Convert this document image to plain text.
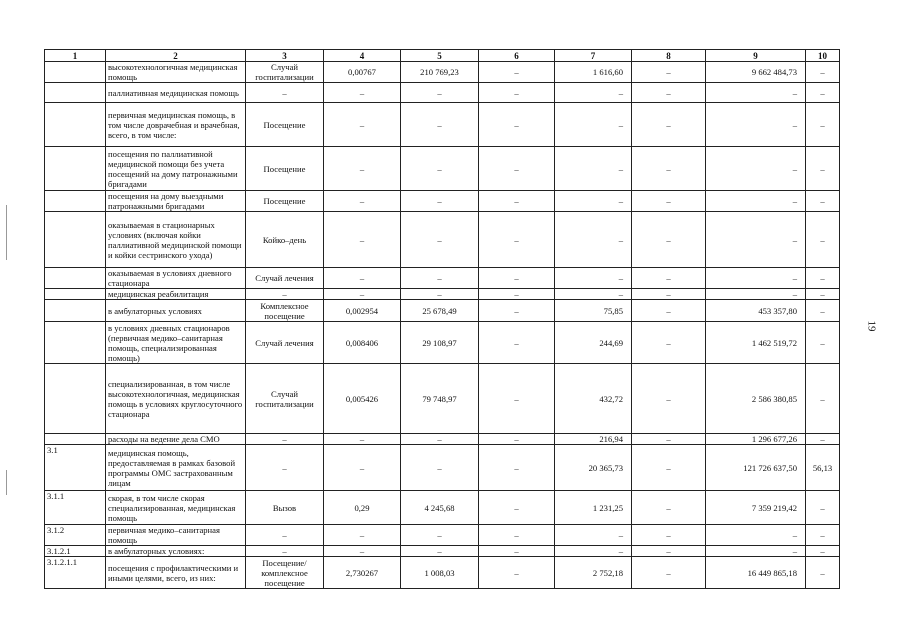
1	2	3	4	5	6	7	8	9	10
	высокотехнологичная медицинская помощь	Случай госпитализации	0,00767	210 769,23	–	1 616,60	–	9 662 484,73	–
	паллиативная медицинская помощь	–	–	–	–	–	–	–	–
	первичная медицинская помощь, в том числе доврачебная и врачебная, всего, в том числе:	Посещение	–	–	–	–	–	–	–
	посещения по паллиативной медицинской помощи без учета посещений на дому патронажными бригадами	Посещение	–	–	–	–	–	–	–
	посещения на дому выездными патронажными бригадами	Посещение	–	–	–	–	–	–	–
	оказываемая в стационарных условиях (включая койки паллиативной медицинской помощи и койки сестринского ухода)	Койко–день	–	–	–	–	–	–	–
	оказываемая в условиях дневного стационара	Случай лечения	–	–	–	–	–	–	–
	медицинская реабилитация	–	–	–	–	–	–	–	–
	в амбулаторных условиях	Комплексное посещение	0,002954	25 678,49	–	75,85	–	453 357,80	–
	в условиях дневных стационаров (первичная медико–санитарная помощь, специализированная помощь)	Случай лечения	0,008406	29 108,97	–	244,69	–	1 462 519,72	–
	специализированная, в том числе высокотехнологичная, медицинская помощь в условиях круглосуточного стационара	Случай госпитализации	0,005426	79 748,97	–	432,72	–	2 586 380,85	–
	расходы на ведение дела СМО	–	–	–	–	216,94	–	1 296 677,26	–
3.1	медицинская помощь, предоставляемая в рамках базовой программы ОМС застрахованным лицам	–	–	–	–	20 365,73	–	121 726 637,50	56,13
3.1.1	скорая, в том числе скорая специализированная, медицинская помощь	Вызов	0,29	4 245,68	–	1 231,25	–	7 359 219,42	–
3.1.2	первичная медико–санитарная помощь	–	–	–	–	–	–	–	–
3.1.2.1	в амбулаторных условиях:	–	–	–	–	–	–	–	–
3.1.2.1.1	посещения с профилактическими и иными целями, всего, из них:	Посещение/ комплексное посещение	2,730267	1 008,03	–	2 752,18	–	16 449 865,18	–
19
